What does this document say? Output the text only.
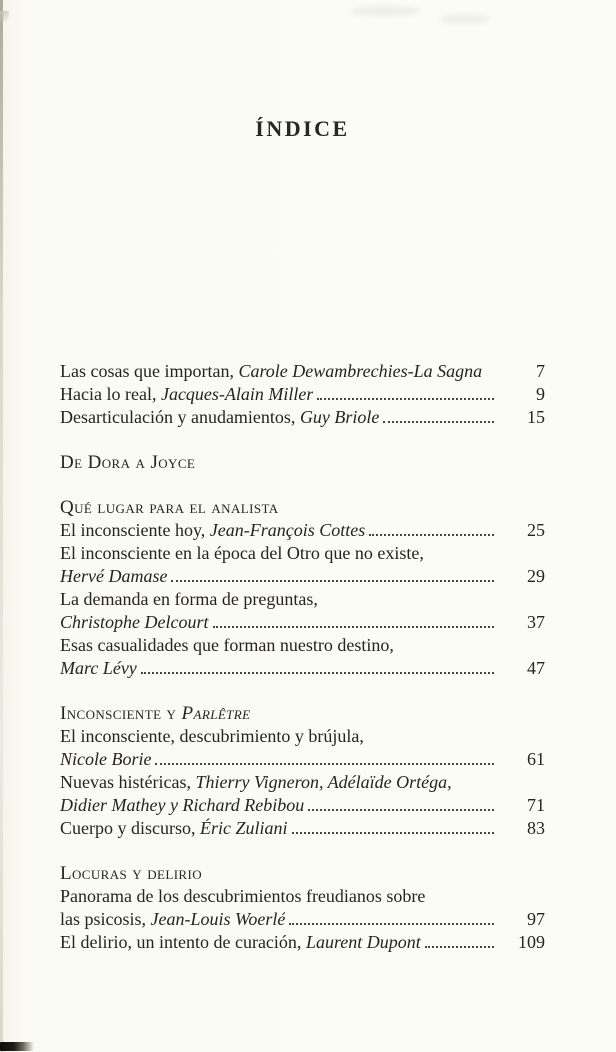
ÍNDICE
Las cosas que importan, Carole Dewambrechies-La Sagna	7
Hacia lo real, Jacques-Alain Miller	9
Desarticulación y anudamientos, Guy Briole	15
De Dora a Joyce
Qué lugar para el analista
El inconsciente hoy, Jean-François Cottes	25
El inconsciente en la época del Otro que no existe,
Hervé Damase	29
La demanda en forma de preguntas,
Christophe Delcourt	37
Esas casualidades que forman nuestro destino,
Marc Lévy	47
Inconsciente y Parlêtre
El inconsciente, descubrimiento y brújula,
Nicole Borie	61
Nuevas histéricas, Thierry Vigneron, Adélaïde Ortéga,
Didier Mathey y Richard Rebibou	71
Cuerpo y discurso, Éric Zuliani	83
Locuras y delirio
Panorama de los descubrimientos freudianos sobre
las psicosis, Jean-Louis Woerlé	97
El delirio, un intento de curación, Laurent Dupont	109
